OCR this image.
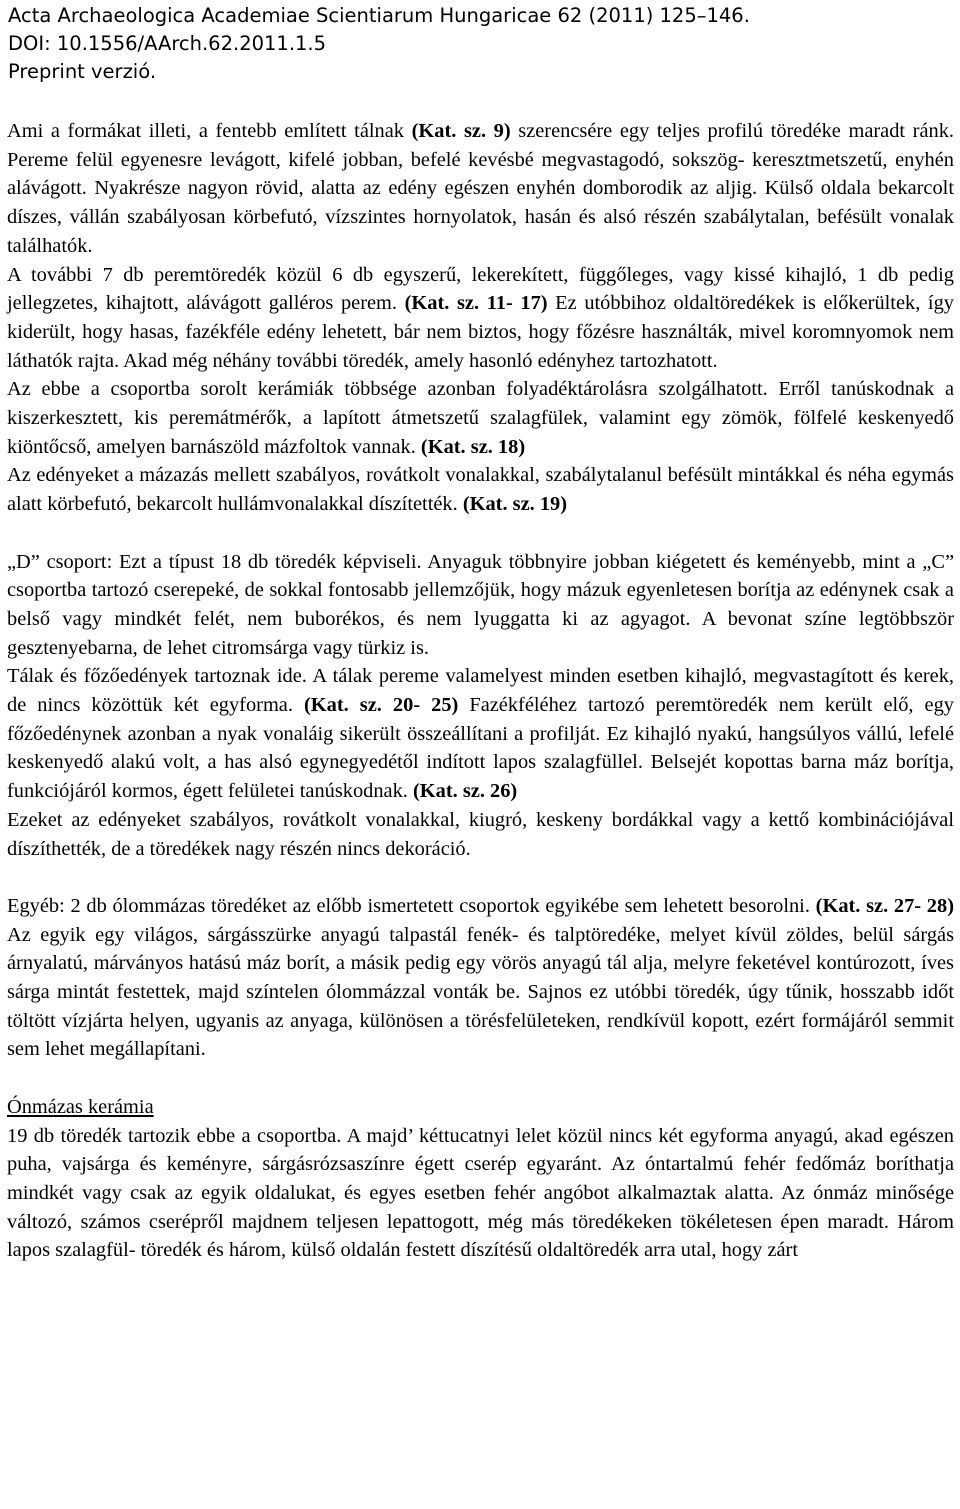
Acta Archaeologica Academiae Scientiarum Hungaricae 62 (2011) 125–146.
DOI: 10.1556/AArch.62.2011.1.5
Preprint verzió.

Ami a formákat illeti, a fentebb említett tálnak (Kat. sz. 9) szerencsére egy teljes profilú töredéke maradt ránk. Pereme felül egyenesre levágott, kifelé jobban, befelé kevésbé megvastagodó, sokszög- keresztmetszetű, enyhén alávágott. Nyakrésze nagyon rövid, alatta az edény egészen enyhén domborodik az aljig. Külső oldala bekarcolt díszes, vállán szabályosan körbefutó, vízszintes hornyolatok, hasán és alsó részén szabálytalan, befésült vonalak találhatók.

A további 7 db peremtöredék közül 6 db egyszerű, lekerekített, függőleges, vagy kissé kihajló, 1 db pedig jellegzetes, kihajtott, alávágott galléros perem. (Kat. sz. 11- 17) Ez utóbbihoz oldaltöredékek is előkerültek, így kiderült, hogy hasas, fazékféle edény lehetett, bár nem biztos, hogy főzésre használták, mivel koromnyomok nem láthatók rajta. Akad még néhány további töredék, amely hasonló edényhez tartozhatott.

Az ebbe a csoportba sorolt kerámiák többsége azonban folyadéktárolásra szolgálhatott. Erről tanúskodnak a kiszerkesztett, kis peremátmérők, a lapított átmetszetű szalagfülek, valamint egy zömök, fölfelé keskenyedő kiöntőcső, amelyen barnászöld mázfoltok vannak. (Kat. sz. 18)

Az edényeket a mázazás mellett szabályos, rovátkolt vonalakkal, szabálytalanul befésült mintákkal és néha egymás alatt körbefutó, bekarcolt hullámvonalakkal díszítették. (Kat. sz. 19)

„D” csoport: Ezt a típust 18 db töredék képviseli. Anyaguk többnyire jobban kiégetett és keményebb, mint a „C” csoportba tartozó cserepeké, de sokkal fontosabb jellemzőjük, hogy mázuk egyenletesen borítja az edénynek csak a belső vagy mindkét felét, nem buborékos, és nem lyuggatta ki az agyagot. A bevonat színe legtöbbször gesztenyebarna, de lehet citromsárga vagy türkiz is.

Tálak és főzőedények tartoznak ide. A tálak pereme valamelyest minden esetben kihajló, megvastagított és kerek, de nincs közöttük két egyforma. (Kat. sz. 20- 25) Fazékféléhez tartozó peremtöredék nem került elő, egy főzőedénynek azonban a nyak vonaláig sikerült összeállítani a profilját. Ez kihajló nyakú, hangsúlyos vállú, lefelé keskenyedő alakú volt, a has alsó egynegyedétől indított lapos szalagfüllel. Belsejét kopottas barna máz borítja, funkciójáról kormos, égett felületei tanúskodnak. (Kat. sz. 26)

Ezeket az edényeket szabályos, rovátkolt vonalakkal, kiugró, keskeny bordákkal vagy a kettő kombinációjával díszíthették, de a töredékek nagy részén nincs dekoráció.

Egyéb: 2 db ólommázas töredéket az előbb ismertetett csoportok egyikébe sem lehetett besorolni. (Kat. sz. 27- 28) Az egyik egy világos, sárgásszürke anyagú talpastál fenék- és talptöredéke, melyet kívül zöldes, belül sárgás árnyalatú, márványos hatású máz borít, a másik pedig egy vörös anyagú tál alja, melyre feketével kontúrozott, íves sárga mintát festettek, majd színtelen ólommázzal vonták be. Sajnos ez utóbbi töredék, úgy tűnik, hosszabb időt töltött vízjárta helyen, ugyanis az anyaga, különösen a törésfelületeken, rendkívül kopott, ezért formájáról semmit sem lehet megállapítani.

Ónmázas kerámia

19 db töredék tartozik ebbe a csoportba. A majd’ kéttucatnyi lelet közül nincs két egyforma anyagú, akad egészen puha, vajsárga és keményre, sárgásrózsaszínre égett cserép egyaránt. Az óntartalmú fehér fedőmáz boríthatja mindkét vagy csak az egyik oldalukat, és egyes esetben fehér angóbot alkalmaztak alatta. Az ónmáz minősége változó, számos cserépről majdnem teljesen lepattogott, még más töredékeken tökéletesen épen maradt. Három lapos szalagfül- töredék és három, külső oldalán festett díszítésű oldaltöredék arra utal, hogy zárt
